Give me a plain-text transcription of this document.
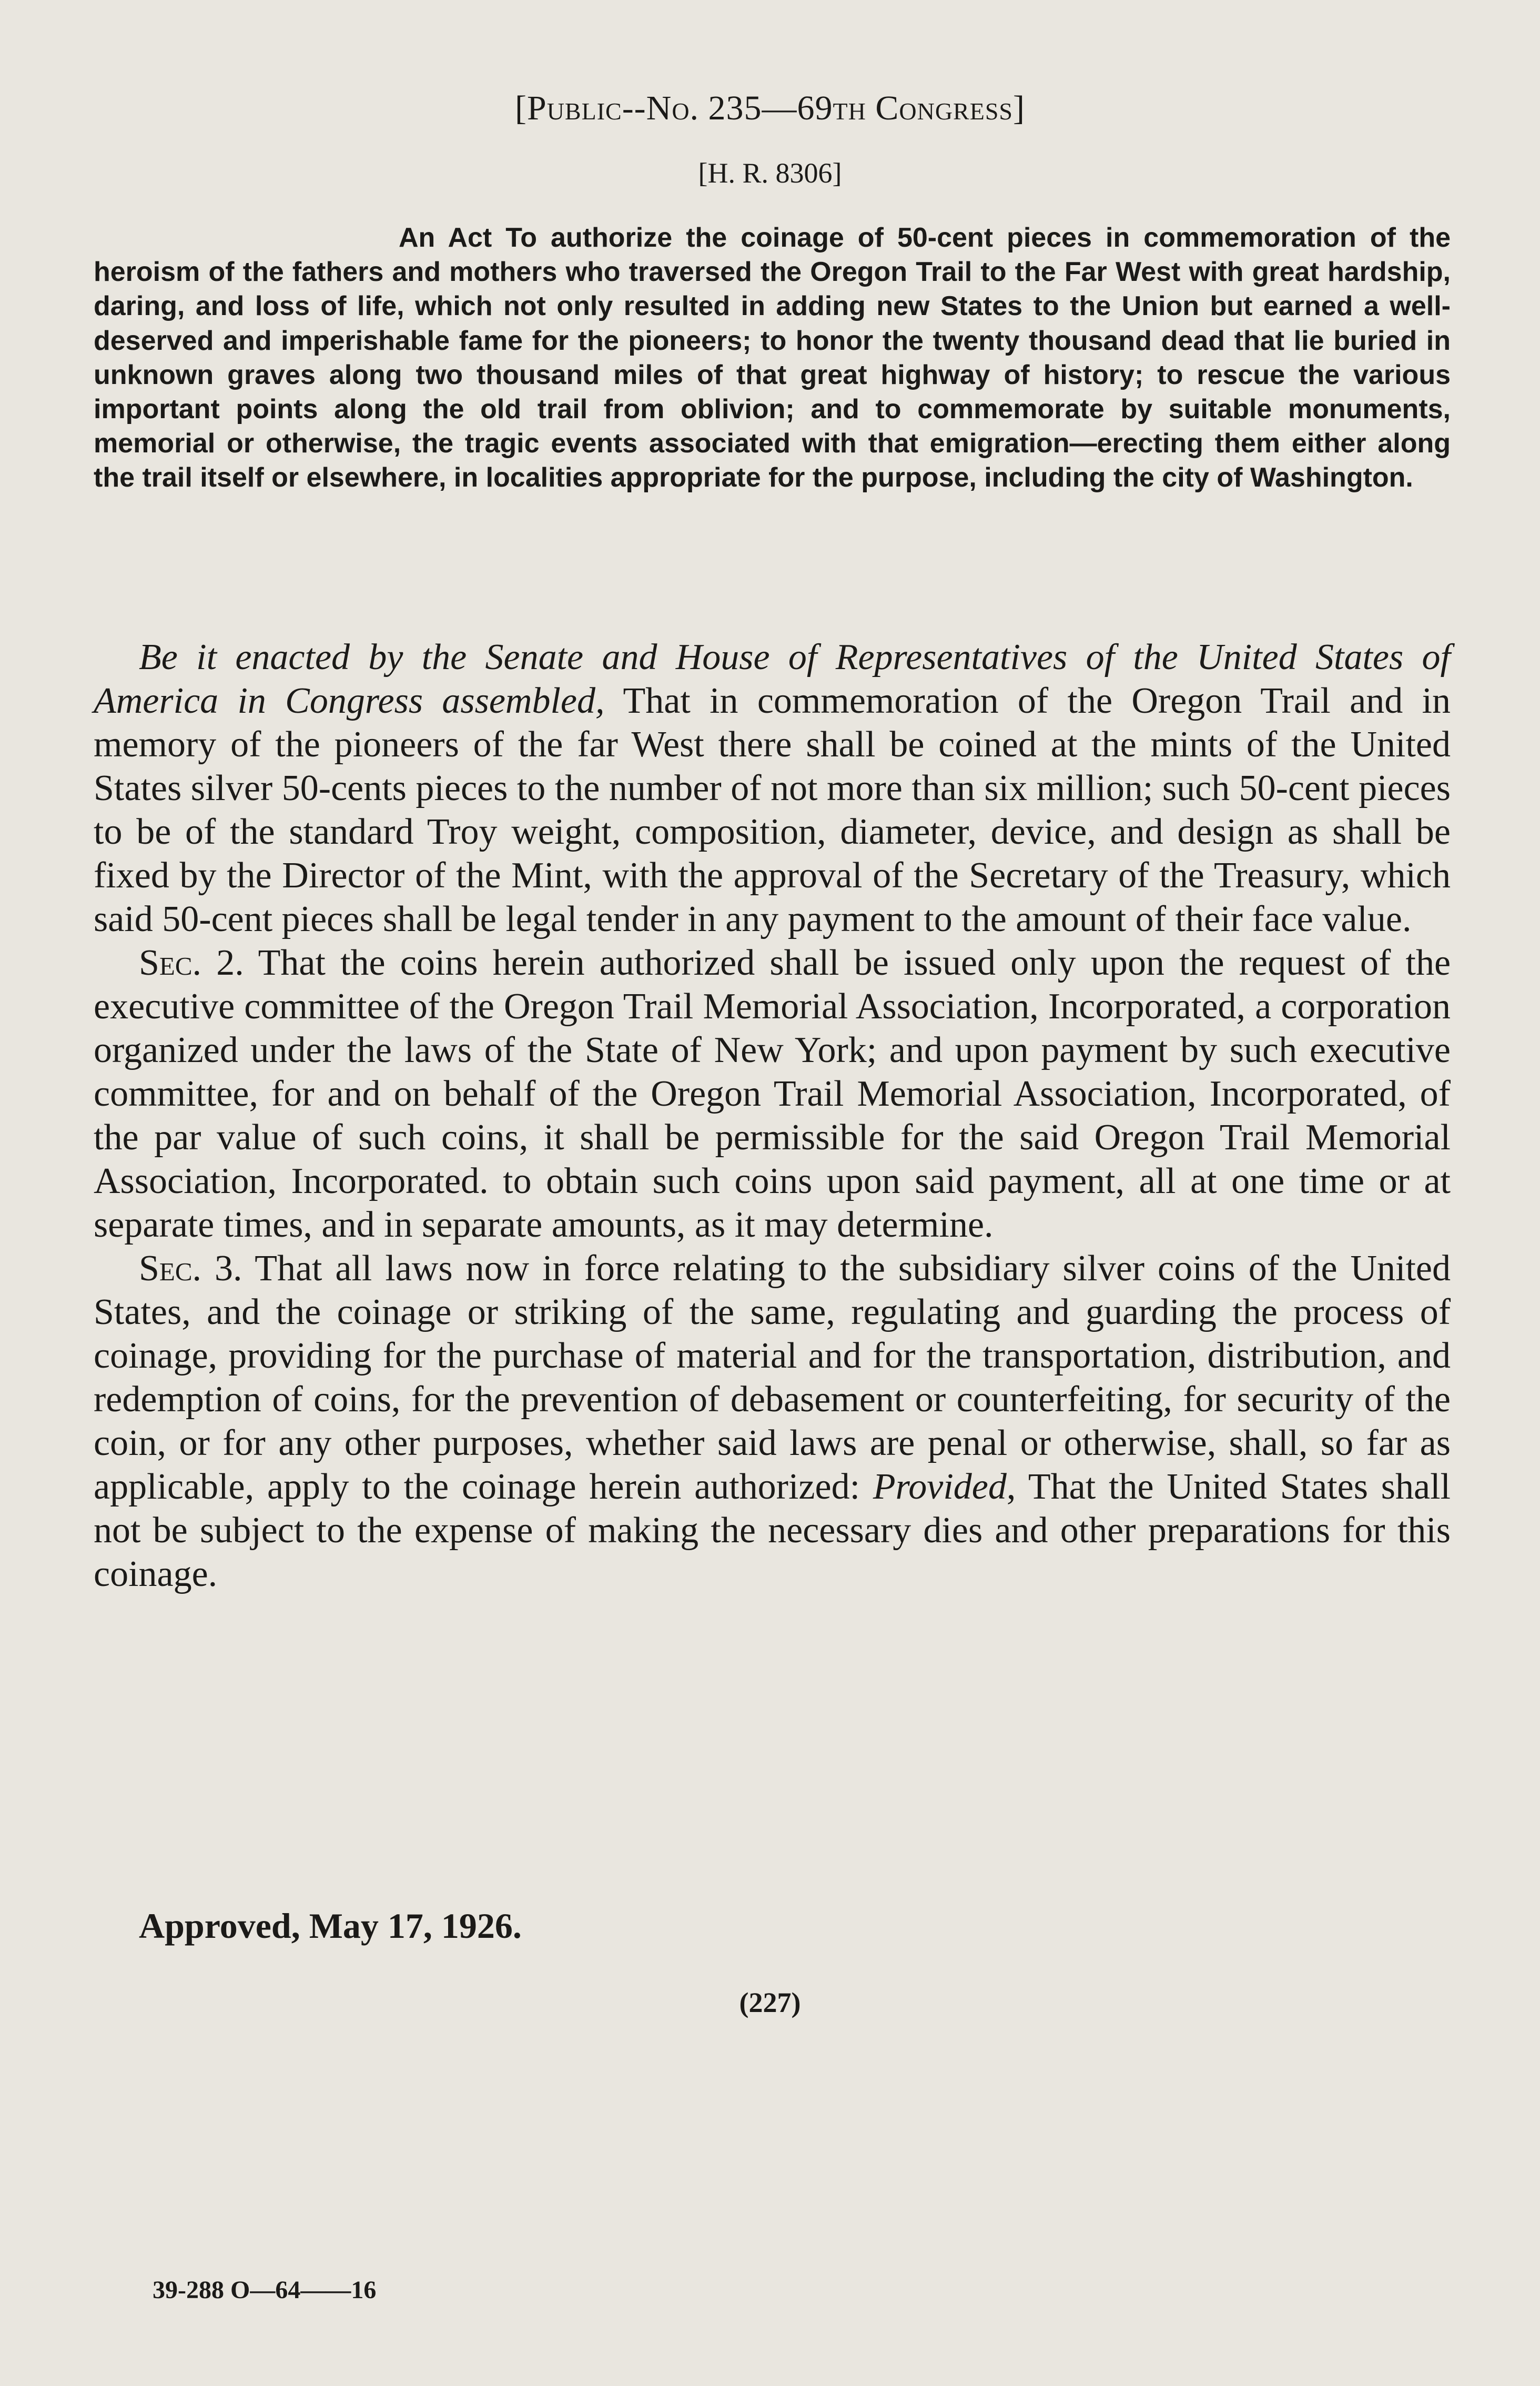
[Public--No. 235—69th Congress]
[H. R. 8306]
An Act To authorize the coinage of 50-cent pieces in commemoration of the heroism of the fathers and mothers who traversed the Oregon Trail to the Far West with great hardship, daring, and loss of life, which not only resulted in adding new States to the Union but earned a well-deserved and imperishable fame for the pioneers; to honor the twenty thousand dead that lie buried in unknown graves along two thousand miles of that great highway of history; to rescue the various important points along the old trail from oblivion; and to commemorate by suitable monuments, memorial or otherwise, the tragic events associated with that emigration—erecting them either along the trail itself or elsewhere, in localities appropriate for the purpose, including the city of Washington.

Be it enacted by the Senate and House of Representatives of the United States of America in Congress assembled, That in commemoration of the Oregon Trail and in memory of the pioneers of the far West there shall be coined at the mints of the United States silver 50-cents pieces to the number of not more than six million; such 50-cent pieces to be of the standard Troy weight, composition, diameter, device, and design as shall be fixed by the Director of the Mint, with the approval of the Secretary of the Treasury, which said 50-cent pieces shall be legal tender in any payment to the amount of their face value.

Sec. 2. That the coins herein authorized shall be issued only upon the request of the executive committee of the Oregon Trail Memorial Association, Incorporated, a corporation organized under the laws of the State of New York; and upon payment by such executive committee, for and on behalf of the Oregon Trail Memorial Association, Incorporated, of the par value of such coins, it shall be permissible for the said Oregon Trail Memorial Association, Incorporated. to obtain such coins upon said payment, all at one time or at separate times, and in separate amounts, as it may determine.

Sec. 3. That all laws now in force relating to the subsidiary silver coins of the United States, and the coinage or striking of the same, regulating and guarding the process of coinage, providing for the purchase of material and for the transportation, distribution, and redemption of coins, for the prevention of debasement or counterfeiting, for security of the coin, or for any other purposes, whether said laws are penal or otherwise, shall, so far as applicable, apply to the coinage herein authorized: Provided, That the United States shall not be subject to the expense of making the necessary dies and other preparations for this coinage.

Approved, May 17, 1926.
(227)
39-288 O—64——16
